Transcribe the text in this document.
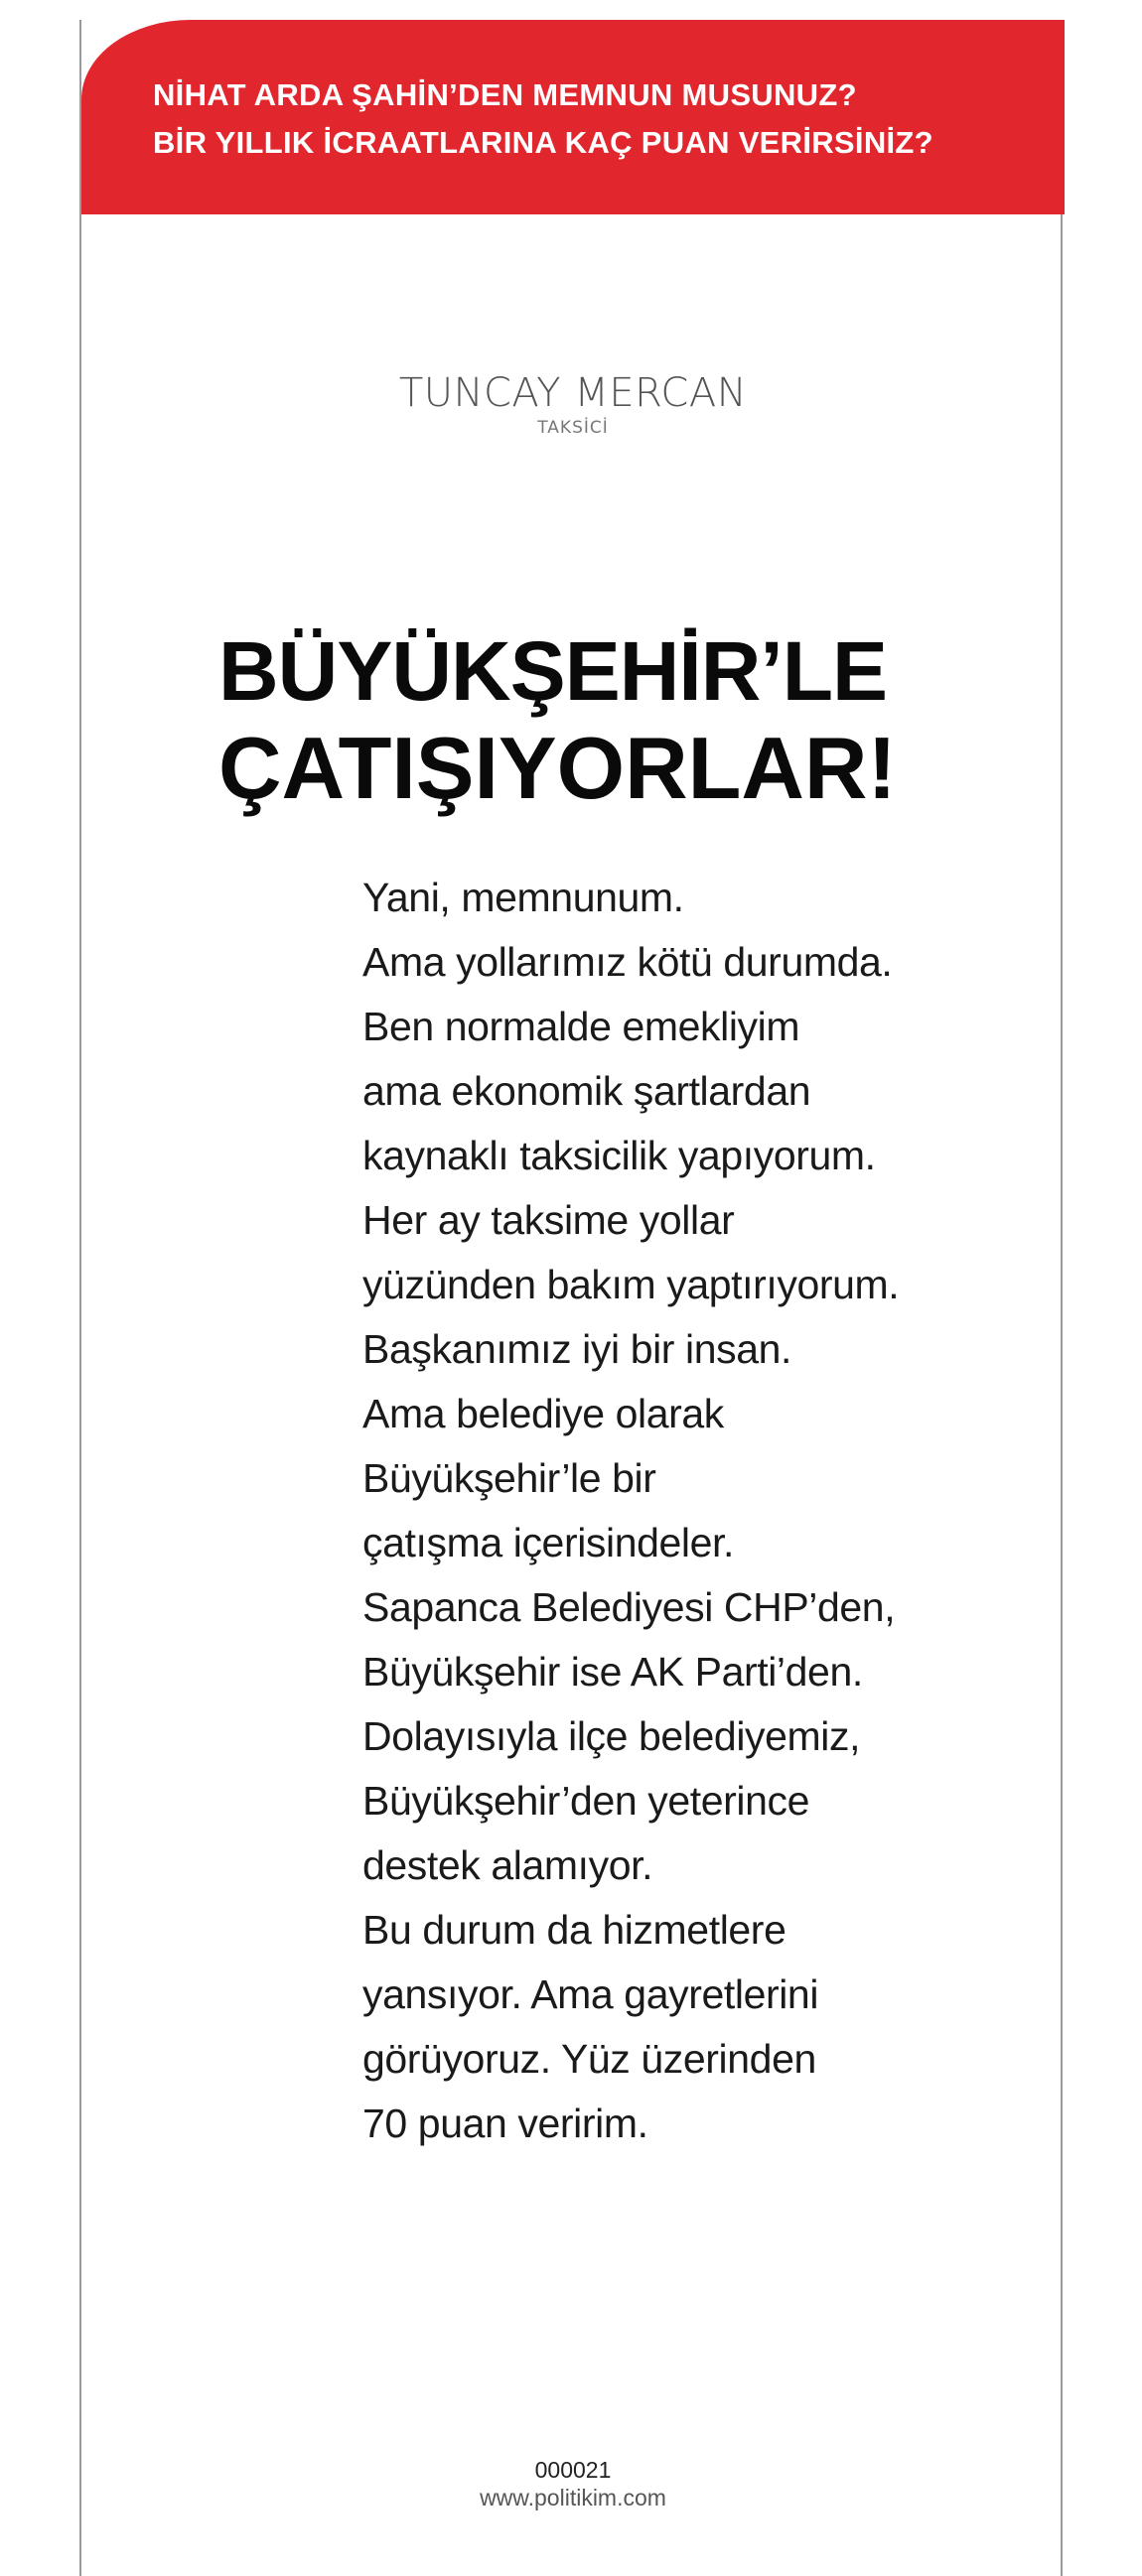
NİHAT ARDA ŞAHİN’DEN MEMNUN MUSUNUZ?
BİR YILLIK İCRAATLARINA KAÇ PUAN VERİRSİNİZ?
TUNCAY MERCAN
TAKSİCİ
BÜYÜKŞEHİR’LE
ÇATIŞIYORLAR!
Yani, memnunum.
Ama yollarımız kötü durumda.
Ben normalde emekliyim
ama ekonomik şartlardan
kaynaklı taksicilik yapıyorum.
Her ay taksime yollar
yüzünden bakım yaptırıyorum.
Başkanımız iyi bir insan.
Ama belediye olarak
Büyükşehir’le bir
çatışma içerisindeler.
Sapanca Belediyesi CHP’den,
Büyükşehir ise AK Parti’den.
Dolayısıyla ilçe belediyemiz,
Büyükşehir’den yeterince
destek alamıyor.
Bu durum da hizmetlere
yansıyor. Ama gayretlerini
görüyoruz. Yüz üzerinden
70 puan veririm.
000021
www.politikim.com
